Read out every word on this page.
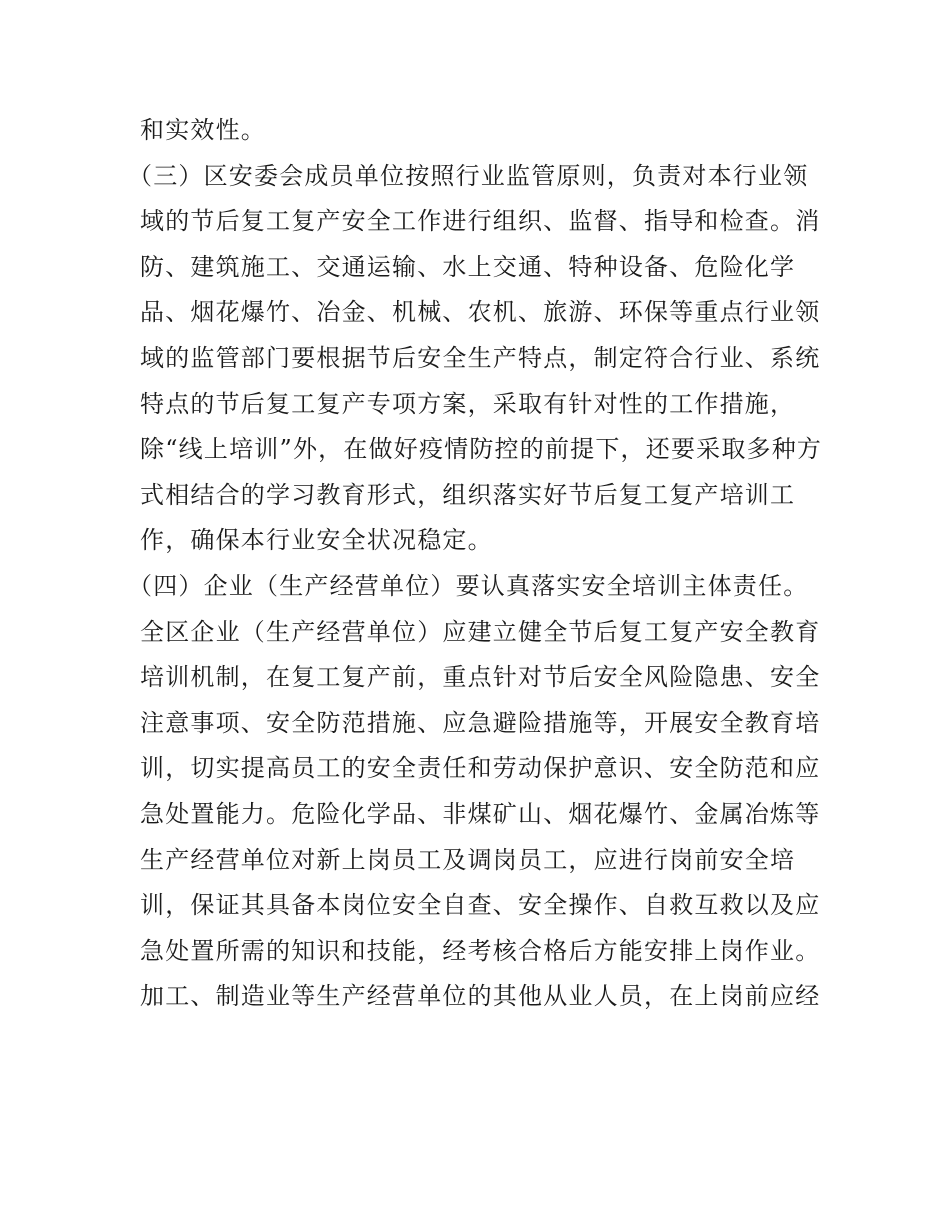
和实效性。
（三）区安委会成员单位按照行业监管原则，负责对本行业领
域的节后复工复产安全工作进行组织、监督、指导和检查。消
防、建筑施工、交通运输、水上交通、特种设备、危险化学
品、烟花爆竹、冶金、机械、农机、旅游、环保等重点行业领
域的监管部门要根据节后安全生产特点，制定符合行业、系统
特点的节后复工复产专项方案，采取有针对性的工作措施，
除“线上培训”外，在做好疫情防控的前提下，还要采取多种方
式相结合的学习教育形式，组织落实好节后复工复产培训工
作，确保本行业安全状况稳定。
（四）企业（生产经营单位）要认真落实安全培训主体责任。
全区企业（生产经营单位）应建立健全节后复工复产安全教育
培训机制，在复工复产前，重点针对节后安全风险隐患、安全
注意事项、安全防范措施、应急避险措施等，开展安全教育培
训，切实提高员工的安全责任和劳动保护意识、安全防范和应
急处置能力。危险化学品、非煤矿山、烟花爆竹、金属冶炼等
生产经营单位对新上岗员工及调岗员工，应进行岗前安全培
训，保证其具备本岗位安全自查、安全操作、自救互救以及应
急处置所需的知识和技能，经考核合格后方能安排上岗作业。
加工、制造业等生产经营单位的其他从业人员，在上岗前应经
